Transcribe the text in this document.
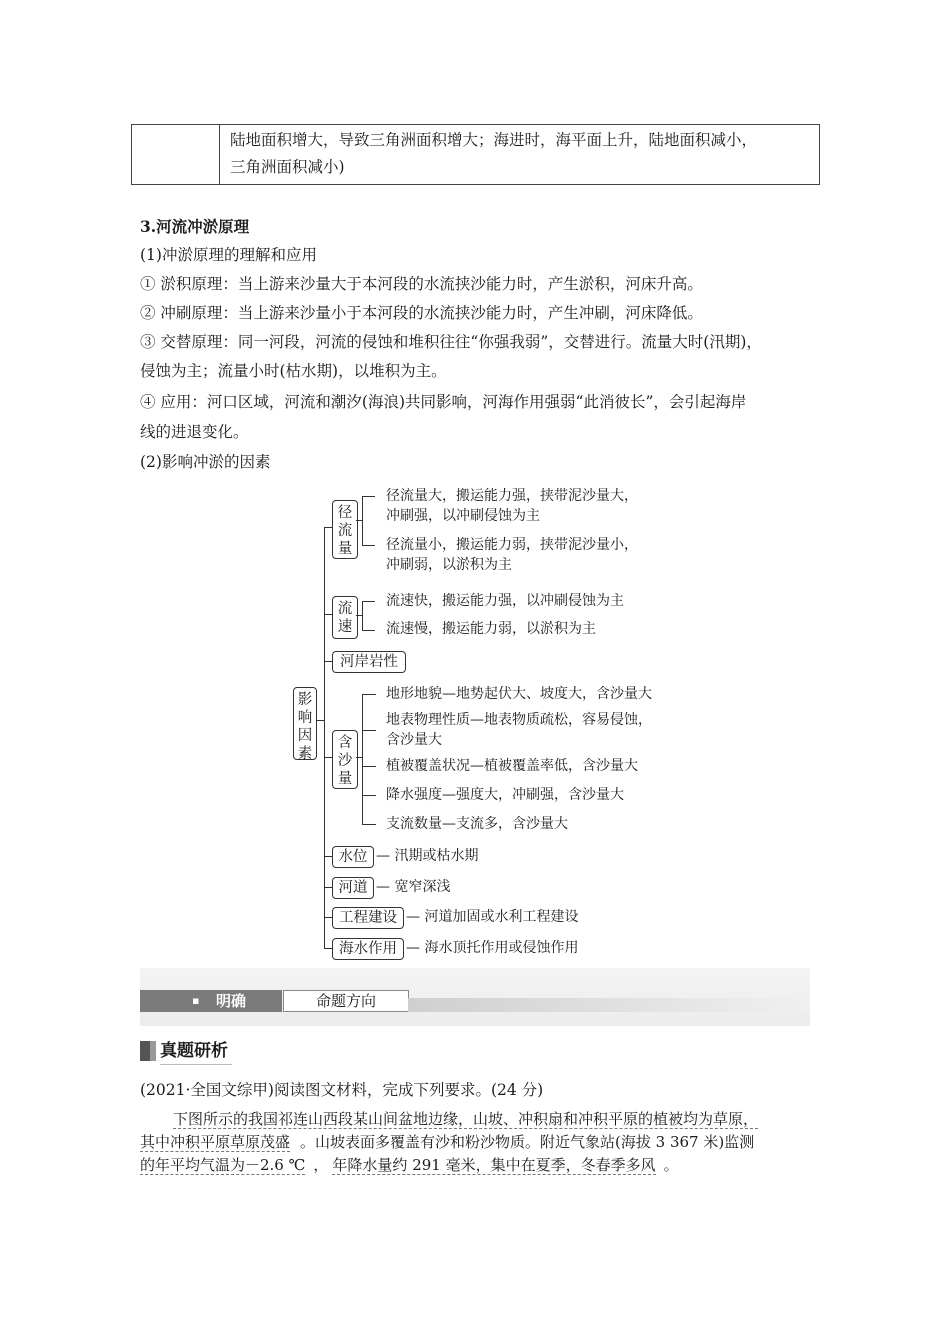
陆地面积增大，导致三角洲面积增大；海进时，海平面上升，陆地面积减小，
三角洲面积减小)
3.河流冲淤原理
(1)冲淤原理的理解和应用
① 淤积原理：当上游来沙量大于本河段的水流挟沙能力时，产生淤积，河床升高。
② 冲刷原理：当上游来沙量小于本河段的水流挟沙能力时，产生冲刷，河床降低。
③ 交替原理：同一河段，河流的侵蚀和堆积往往“你强我弱”，交替进行。流量大时(汛期)，
侵蚀为主；流量小时(枯水期)，以堆积为主。
④ 应用：河口区域，河流和潮汐(海浪)共同影响，河海作用强弱“此消彼长”，会引起海岸
线的进退变化。
(2)影响冲淤的因素
影
响
因
素
径
流
量
径流量大，搬运能力强，挟带泥沙量大，
冲刷强，以冲刷侵蚀为主
径流量小，搬运能力弱，挟带泥沙量小，
冲刷弱，以淤积为主
流
速
流速快，搬运能力强，以冲刷侵蚀为主
流速慢，搬运能力弱，以淤积为主
河岸岩性
含
沙
量
地形地貌—地势起伏大、坡度大，含沙量大
地表物理性质—地表物质疏松，容易侵蚀，
含沙量大
植被覆盖状况—植被覆盖率低，含沙量大
降水强度—强度大，冲刷强，含沙量大
支流数量—支流多，含沙量大
水位 — 汛期或枯水期
河道 — 宽窄深浅
工程建设 — 河道加固或水利工程建设
海水作用 — 海水顶托作用或侵蚀作用
▪ 明确	命题方向
真题研析
(2021·全国文综甲)阅读图文材料，完成下列要求。(24 分)
下图所示的我国祁连山西段某山间盆地边缘，山坡、冲积扇和冲积平原的植被均为草原，
其中冲积平原草原茂盛 。山坡表面多覆盖有沙和粉沙物质。附近气象站(海拔 3 367 米)监测
的年平均气温为－2.6 ℃ ， 年降水量约 291 毫米，集中在夏季，冬春季多风 。
